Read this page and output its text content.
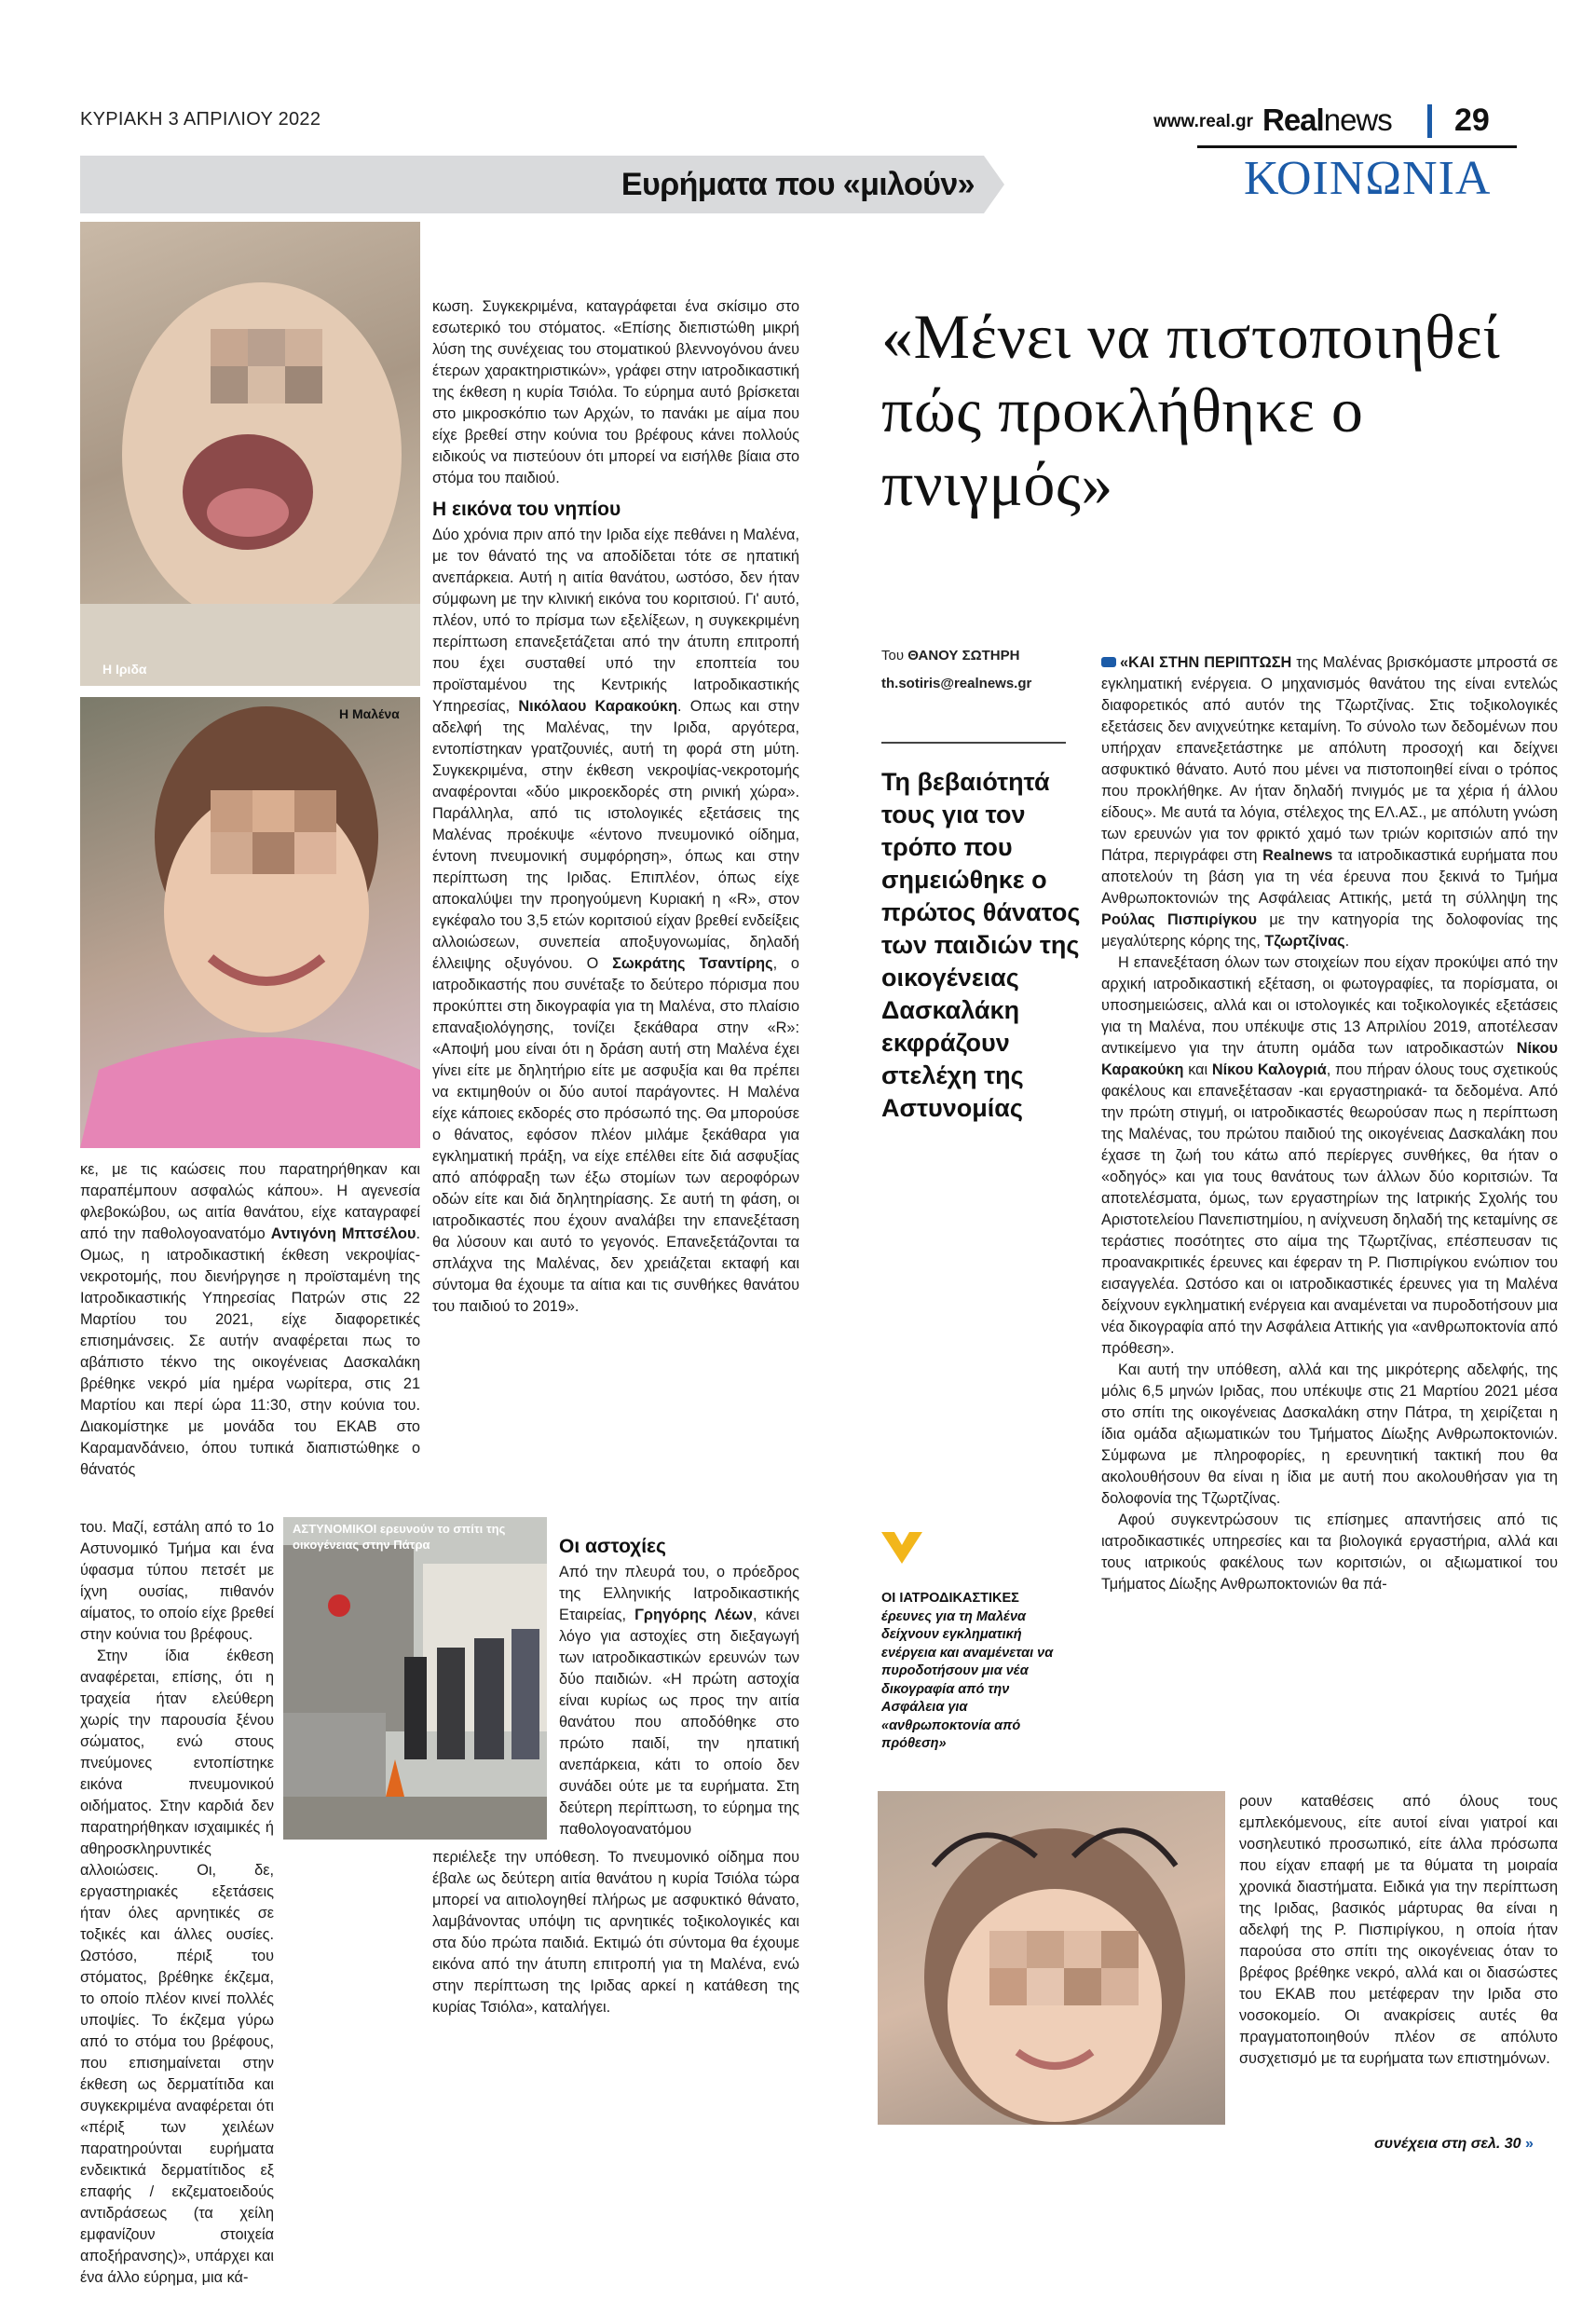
ΚΥΡΙΑΚΗ 3 ΑΠΡΙΛΙΟΥ 2022	www.real.gr Realnews 29
Ευρήματα που «μιλούν»	ΚΟΙΝΩΝΙΑ
Η Ιριδα
Η Μαλένα
ΑΣΤΥΝΟΜΙΚΟΙ ερευνούν το σπίτι της οικογένειας στην Πάτρα

κε, με τις καώσεις που παρατηρήθηκαν και παραπέμπουν ασφαλώς κάπου». Η αγενεσία φλεβοκώβου, ως αιτία θανάτου, είχε καταγραφεί από την παθολογοανατόμο Αντιγόνη Μπτσέλου. Ομως, η ιατροδικαστική έκθεση νεκροψίας-νεκροτομής, που διενήργησε η προϊσταμένη της Ιατροδικαστικής Υπηρεσίας Πατρών στις 22 Μαρτίου του 2021, είχε διαφορετικές επισημάνσεις. Σε αυτήν αναφέρεται πως το αβάπιστο τέκνο της οικογένειας Δασκαλάκη βρέθηκε νεκρό μία ημέρα νωρίτερα, στις 21 Μαρτίου και περί ώρα 11:30, στην κούνια του. Διακομίστηκε με μονάδα του ΕΚΑΒ στο Καραμανδάνειο, όπου τυπικά διαπιστώθηκε ο θάνατός

του. Μαζί, εστάλη από το 1ο Αστυνομικό Τμήμα και ένα ύφασμα τύπου πετσέτ με ίχνη ουσίας, πιθανόν αίματος, το οποίο είχε βρεθεί στην κούνια του βρέφους.

Στην ίδια έκθεση αναφέρεται, επίσης, ότι η τραχεία ήταν ελεύθερη χωρίς την παρουσία ξένου σώματος, ενώ στους πνεύμονες εντοπίστηκε εικόνα πνευμονικού οιδήματος. Στην καρδιά δεν παρατηρήθηκαν ισχαιμικές ή αθηροσκληρυντικές αλλοιώσεις. Οι, δε, εργαστηριακές εξετάσεις ήταν όλες αρνητικές σε τοξικές και άλλες ουσίες. Ωστόσο, πέριξ του στόματος, βρέθηκε έκζεμα, το οποίο πλέον κινεί πολλές υποψίες. Το έκζεμα γύρω από το στόμα του βρέφους, που επισημαίνεται στην έκθεση ως δερματίτιδα και συγκεκριμένα αναφέρεται ότι «πέριξ των χειλέων παρατηρούνται ευρήματα ενδεικτικά δερματίτιδος εξ επαφής / εκζεματοειδούς αντιδράσεως (τα χείλη εμφανίζουν στοιχεία αποξήρανσης)», υπάρχει και ένα άλλο εύρημα, μια κά-

κωση. Συγκεκριμένα, καταγράφεται ένα σκίσιμο στο εσωτερικό του στόματος. «Επίσης διεπιστώθη μικρή λύση της συνέχειας του στοματικού βλεννογόνου άνευ έτερων χαρακτηριστικών», γράφει στην ιατροδικαστική της έκθεση η κυρία Τσιόλα. Το εύρημα αυτό βρίσκεται στο μικροσκόπιο των Αρχών, το πανάκι με αίμα που είχε βρεθεί στην κούνια του βρέφους κάνει πολλούς ειδικούς να πιστεύουν ότι μπορεί να εισήλθε βίαια στο στόμα του παιδιού.

Η εικόνα του νηπίου

Δύο χρόνια πριν από την Ιριδα είχε πεθάνει η Μαλένα, με τον θάνατό της να αποδίδεται τότε σε ηπατική ανεπάρκεια. Αυτή η αιτία θανάτου, ωστόσο, δεν ήταν σύμφωνη με την κλινική εικόνα του κοριτσιού. Γι' αυτό, πλέον, υπό το πρίσμα των εξελίξεων, η συγκεκριμένη περίπτωση επανεξετάζεται από την άτυπη επιτροπή που έχει συσταθεί υπό την εποπτεία του προϊσταμένου της Κεντρικής Ιατροδικαστικής Υπηρεσίας, Νικόλαου Καρακούκη. Οπως και στην αδελφή της Μαλένας, την Ιριδα, αργότερα, εντοπίστηκαν γρατζουνιές, αυτή τη φορά στη μύτη. Συγκεκριμένα, στην έκθεση νεκροψίας-νεκροτομής αναφέρονται «δύο μικροεκδορές στη ρινική χώρα». Παράλληλα, από τις ιστολογικές εξετάσεις της Μαλένας προέκυψε «έντονο πνευμονικό οίδημα, έντονη πνευμονική συμφόρηση», όπως και στην περίπτωση της Ιριδας. Επιπλέον, όπως είχε αποκαλύψει την προηγούμενη Κυριακή η «R», στον εγκέφαλο του 3,5 ετών κοριτσιού είχαν βρεθεί ενδείξεις αλλοιώσεων, συνεπεία αποξυγονωμίας, δηλαδή έλλειψης οξυγόνου. Ο Σωκράτης Τσαντίρης, ο ιατροδικαστής που συνέταξε το δεύτερο πόρισμα που προκύπτει στη δικογραφία για τη Μαλένα, στο πλαίσιο επαναξιολόγησης, τονίζει ξεκάθαρα στην «R»: «Αποψή μου είναι ότι η δράση αυτή στη Μαλένα έχει γίνει είτε με δηλητήριο είτε με ασφυξία και θα πρέπει να εκτιμηθούν οι δύο αυτοί παράγοντες. Η Μαλένα είχε κάποιες εκδορές στο πρόσωπό της. Θα μπορούσε ο θάνατος, εφόσον πλέον μιλάμε ξεκάθαρα για εγκληματική πράξη, να είχε επέλθει είτε διά ασφυξίας από απόφραξη των έξω στομίων των αεροφόρων οδών είτε και διά δηλητηρίασης. Σε αυτή τη φάση, οι ιατροδικαστές που έχουν αναλάβει την επανεξέταση θα λύσουν και αυτό το γεγονός. Επανεξετάζονται τα σπλάχνα της Μαλένας, δεν χρειάζεται εκταφή και σύντομα θα έχουμε τα αίτια και τις συνθήκες θανάτου του παιδιού το 2019».

Οι αστοχίες

Από την πλευρά του, ο πρόεδρος της Ελληνικής Ιατροδικαστικής Εταιρείας, Γρηγόρης Λέων, κάνει λόγο για αστοχίες στη διεξαγωγή των ιατροδικαστικών ερευνών των δύο παιδιών. «Η πρώτη αστοχία είναι κυρίως ως προς την αιτία θανάτου που αποδόθηκε στο πρώτο παιδί, την ηπατική ανεπάρκεια, κάτι το οποίο δεν συνάδει ούτε με τα ευρήματα. Στη δεύτερη περίπτωση, το εύρημα της παθολογοανατόμου

περιέλεξε την υπόθεση. Το πνευμονικό οίδημα που έβαλε ως δεύτερη αιτία θανάτου η κυρία Τσιόλα τώρα μπορεί να αιτιολογηθεί πλήρως με ασφυκτικό θάνατο, λαμβάνοντας υπόψη τις αρνητικές τοξικολογικές και στα δύο πρώτα παιδιά. Εκτιμώ ότι σύντομα θα έχουμε εικόνα από την άτυπη επιτροπή για τη Μαλένα, ενώ στην περίπτωση της Ιριδας αρκεί η κατάθεση της κυρίας Τσιόλα», καταλήγει.

«Μένει να πιστοποιηθεί πώς προκλήθηκε ο πνιγμός»
Του ΘΑΝΟΥ ΣΩΤΗΡΗ
th.sotiris@realnews.gr
Τη βεβαιότητά τους για τον τρόπο που σημειώθηκε ο πρώτος θάνατος των παιδιών της οικογένειας Δασκαλάκη εκφράζουν στελέχη της Αστυνομίας
ΟΙ ΙΑΤΡΟΔΙΚΑΣΤΙΚΕΣ έρευνες για τη Μαλένα δείχνουν εγκληματική ενέργεια και αναμένεται να πυροδοτήσουν μια νέα δικογραφία από την Ασφάλεια για «ανθρωποκτονία από πρόθεση»

«ΚΑΙ ΣΤΗΝ ΠΕΡΙΠΤΩΣΗ της Μαλένας βρισκόμαστε μπροστά σε εγκληματική ενέργεια. Ο μηχανισμός θανάτου της είναι εντελώς διαφορετικός από αυτόν της Τζωρτζίνας. Στις τοξικολογικές εξετάσεις δεν ανιχνεύτηκε κεταμίνη. Το σύνολο των δεδομένων που υπήρχαν επανεξετάστηκε με απόλυτη προσοχή και δείχνει ασφυκτικό θάνατο. Αυτό που μένει να πιστοποιηθεί είναι ο τρόπος που προκλήθηκε. Αν ήταν δηλαδή πνιγμός με τα χέρια ή άλλου είδους». Με αυτά τα λόγια, στέλεχος της ΕΛ.ΑΣ., με απόλυτη γνώση των ερευνών για τον φρικτό χαμό των τριών κοριτσιών από την Πάτρα, περιγράφει στη Realnews τα ιατροδικαστικά ευρήματα που αποτελούν τη βάση για τη νέα έρευνα που ξεκινά το Τμήμα Ανθρωποκτονιών της Ασφάλειας Αττικής, μετά τη σύλληψη της Ρούλας Πισπιρίγκου με την κατηγορία της δολοφονίας της μεγαλύτερης κόρης της, Τζωρτζίνας.

Η επανεξέταση όλων των στοιχείων που είχαν προκύψει από την αρχική ιατροδικαστική εξέταση, οι φωτογραφίες, τα πορίσματα, οι υποσημειώσεις, αλλά και οι ιστολογικές και τοξικολογικές εξετάσεις για τη Μαλένα, που υπέκυψε στις 13 Απριλίου 2019, αποτέλεσαν αντικείμενο για την άτυπη ομάδα των ιατροδικαστών Νίκου Καρακούκη και Νίκου Καλογριά, που πήραν όλους τους σχετικούς φακέλους και επανεξέτασαν -και εργαστηριακά- τα δεδομένα. Από την πρώτη στιγμή, οι ιατροδικαστές θεωρούσαν πως η περίπτωση της Μαλένας, του πρώτου παιδιού της οικογένειας Δασκαλάκη που έχασε τη ζωή του κάτω από περίεργες συνθήκες, θα ήταν ο «οδηγός» και για τους θανάτους των άλλων δύο κοριτσιών. Τα αποτελέσματα, όμως, των εργαστηρίων της Ιατρικής Σχολής του Αριστοτελείου Πανεπιστημίου, η ανίχνευση δηλαδή της κεταμίνης σε τεράστιες ποσότητες στο αίμα της Τζωρτζίνας, επέσπευσαν τις προανακριτικές έρευνες και έφεραν τη Ρ. Πισπιρίγκου ενώπιον του εισαγγελέα. Ωστόσο και οι ιατροδικαστικές έρευνες για τη Μαλένα δείχνουν εγκληματική ενέργεια και αναμένεται να πυροδοτήσουν μια νέα δικογραφία από την Ασφάλεια Αττικής για «ανθρωποκτονία από πρόθεση».

Και αυτή την υπόθεση, αλλά και της μικρότερης αδελφής, της μόλις 6,5 μηνών Ιριδας, που υπέκυψε στις 21 Μαρτίου 2021 μέσα στο σπίτι της οικογένειας Δασκαλάκη στην Πάτρα, τη χειρίζεται η ίδια ομάδα αξιωματικών του Τμήματος Δίωξης Ανθρωποκτονιών. Σύμφωνα με πληροφορίες, η ερευνητική τακτική που θα ακολουθήσουν θα είναι η ίδια με αυτή που ακολουθήσαν για τη δολοφονία της Τζωρτζίνας.

Αφού συγκεντρώσουν τις επίσημες απαντήσεις από τις ιατροδικαστικές υπηρεσίες και τα βιολογικά εργαστήρια, αλλά και τους ιατρικούς φακέλους των κοριτσιών, οι αξιωματικοί του Τμήματος Δίωξης Ανθρωποκτονιών θα πά-

ρουν καταθέσεις από όλους τους εμπλεκόμενους, είτε αυτοί είναι γιατροί και νοσηλευτικό προσωπικό, είτε άλλα πρόσωπα που είχαν επαφή με τα θύματα τη μοιραία χρονικά διαστήματα. Ειδικά για την περίπτωση της Ιριδας, βασικός μάρτυρας θα είναι η αδελφή της Ρ. Πισπιρίγκου, η οποία ήταν παρούσα στο σπίτι της οικογένειας όταν το βρέφος βρέθηκε νεκρό, αλλά και οι διασώστες του ΕΚΑΒ που μετέφεραν την Ιριδα στο νοσοκομείο. Οι ανακρίσεις αυτές θα πραγματοποιηθούν πλέον σε απόλυτο συσχετισμό με τα ευρήματα των επιστημόνων.

συνέχεια στη σελ. 30 »
